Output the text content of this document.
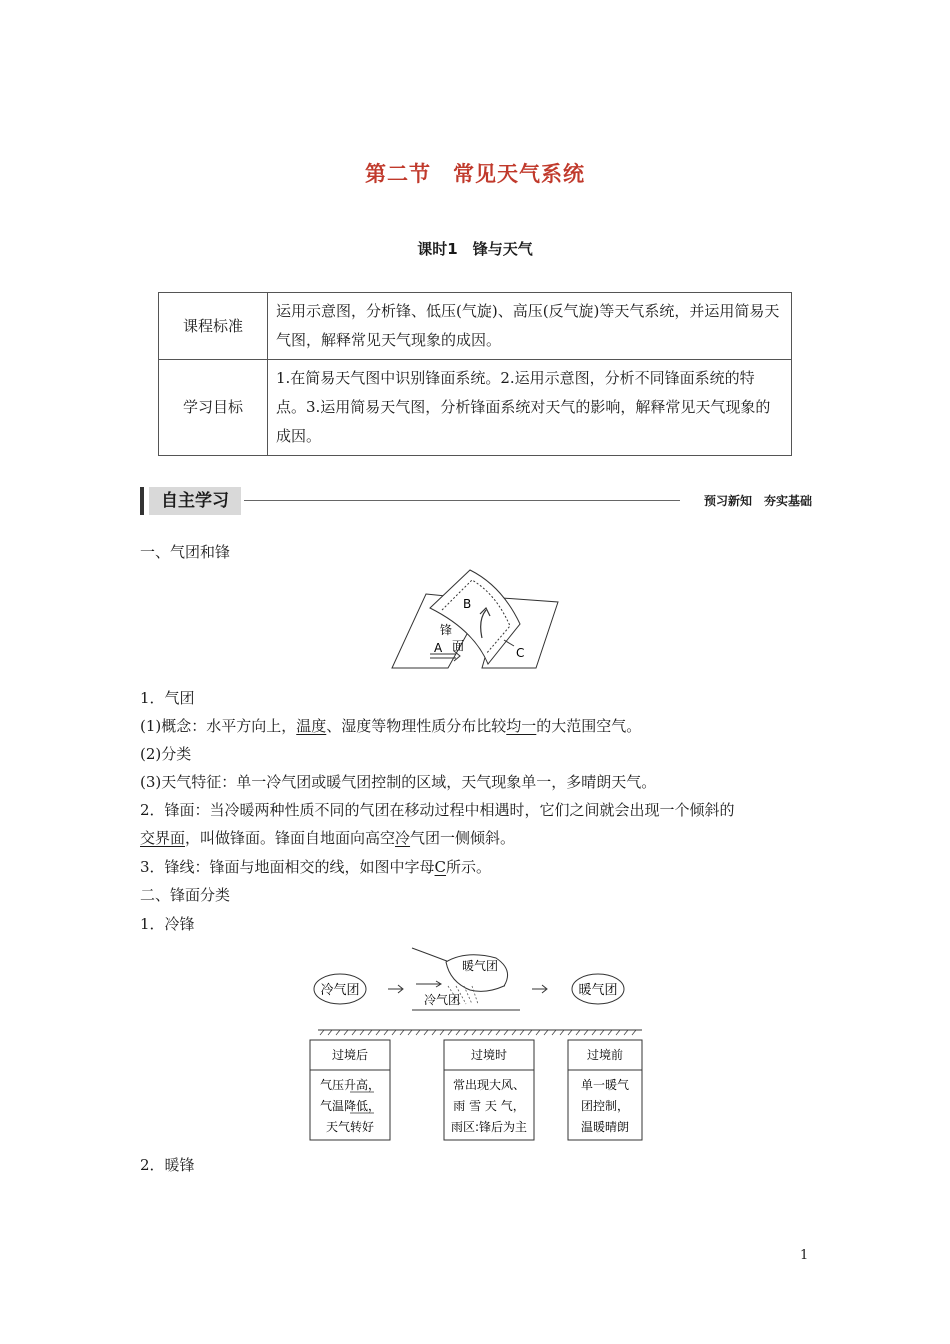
第二节　常见天气系统
课时1　锋与天气
课程标准	运用示意图，分析锋、低压(气旋)、高压(反气旋)等天气系统，并运用简易天气图，解释常见天气现象的成因。
学习目标	1.在简易天气图中识别锋面系统。2.运用示意图，分析不同锋面系统的特点。3.运用简易天气图，分析锋面系统对天气的影响，解释常见天气现象的成因。
自主学习	预习新知　夯实基础
一、气团和锋
B
锋
面
A	C
1．气团
(1)概念：水平方向上，温度、湿度等物理性质分布比较均一的大范围空气。
(2)分类
(3)天气特征：单一冷气团或暖气团控制的区域，天气现象单一，多晴朗天气。
2．锋面：当冷暖两种性质不同的气团在移动过程中相遇时，它们之间就会出现一个倾斜的
交界面，叫做锋面。锋面自地面向高空冷气团一侧倾斜。
3．锋线：锋面与地面相交的线，如图中字母C所示。
二、锋面分类
1．冷锋
冷气团
暖气团
冷气团
暖气团
过境后
气压升高，
气温降低，
天气转好
过境时
常出现大风、
雨 雪 天 气，
雨区:锋后为主
过境前
单一暖气
团控制，
温暖晴朗
2．暖锋
1
